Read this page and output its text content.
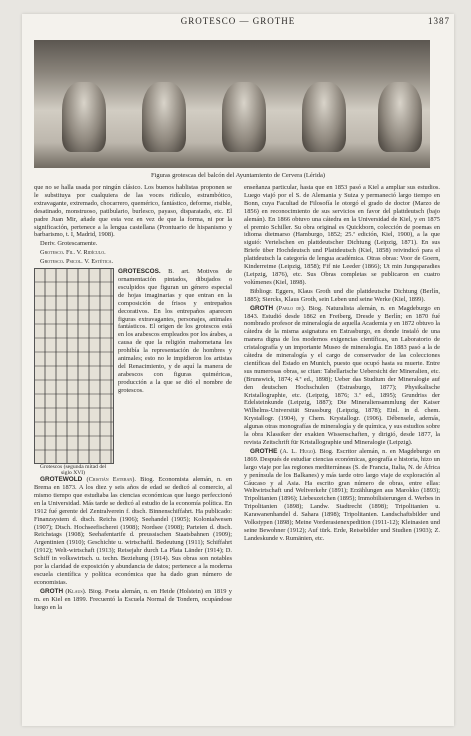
GROTESCO — GROTHE	1387
Figuras grotescas del balcón del Ayuntamiento de Cervera (Lérida)

que no se halla usada por ningún clásico. Los buenos hablistas proponen se le substituya por cualquiera de las voces ridículo, estrambótico, extravagante, extremado, chocarrero, quemérico, fantástico, deforme, risible, desatinado, monstruoso, patibulario, burlesco, payaso, disparatado, etc. El padre Juan Mir, añade que esta voz en vez de que la forma, ni por la significación, pertenece a la lengua castellana (Prontuario de hispanismo y barbarismo, t. I, Madrid, 1908).

Deriv. Grotescamente.

Grotesco. Fil. V. Ridículo.

Grotesco. Psicol. V. Estética.

Grotescos (segunda mitad del siglo XVI)
GROTESCOS. B. art. Motivos de ornamentación pintados, dibujados o esculpidos que figuran un género especial de hojas imaginarias y que entran en la composición de frisos y entrepaños decorativos. En los entrepaños aparecen figuras extravagantes, personajes, animales fantásticos. El origen de los grotescos está en los arabescos empleados por los árabes, a causa de que la religión mahometana les prohibía la representación de hombres y animales; esto no le impidieron los artistas del Renacimiento, y de aquí la manera de arabescos con figuras quiméricas, producción a la que se dió el nombre de grotescos.

GROTEWOLD (Cristián Esteban). Biog. Economista alemán, n. en Brema en 1873. A los diez y seis años de edad se dedicó al comercio, al mismo tiempo que estudiaba las ciencias económicas que luego perfeccionó en la Universidad. Más tarde se dedicó al estudio de la economía política. En 1912 fué gerente del Zentralverein f. dtsch. Binnenschiffahrt. Ha publicado: Finanzsystem d. dtsch. Reichs (1906); Seehandel (1905); Kolonialwesen (1907); Dtsch. Hochseefischerei (1908); Nordsee (1908); Parteien d. dtsch. Reichstags (1908); Seehafentarife d. preussischen Staatsbahnen (1909); Argentinien (1910); Geschichte u. wirtschaftl. Bedeutung (1911); Schiffahrt (1912); Welt-wirtschaft (1913); Reisejahr durch La Plata Länder (1914); D. Schiff in volkswirtsch. u. techn. Beziehung (1914). Sus obras son notables por la claridad de exposición y abundancia de datos; pertenece a la moderna escuela científica y política económica que ha dado gran número de economistas.

GROTH (Klaus). Biog. Poeta alemán, n. en Heide (Holstein) en 1819 y m. en Kiel en 1899. Frecuentó la Escuela Normal de Tondern, ocupándose luego en la

enseñanza particular, hasta que en 1853 pasó a Kiel a ampliar sus estudios. Luego viajó por el S. de Alemania y Suiza y permaneció largo tiempo en Bonn, cuya Facultad de Filosofía le otorgó el grado de doctor (Marzo de 1856) en reconocimiento de sus servicios en favor del plattdeutsch (bajo alemán). En 1866 obtuvo una cátedra en la Universidad de Kiel, y en 1875 el premio Schiller. Su obra original es Quickborn, colección de poemas en idioma dietmarso (Hamburgo, 1852; 25.ª edición, Kiel, 1900), a la que siguió: Vertelschen en plattdeutscher Dichtung (Leipzig, 1871). En sus Briefe über Hochdeutsch und Plattdeutsch (Kiel, 1858) reivindicó para el plattdeutsch la categoría de lengua académica. Otras obras: Voor de Goern, Kinderreime (Leipzig, 1858); Fif nie Leeder (1866); Ut min Jungsparadies (Leipzig, 1876), etc. Sus Obras completas se publicaron en cuatro volúmenes (Kiel, 1898).

Bibliogr. Eggers, Klaus Groth und die plattdeutsche Dichtung (Berlín, 1885); Siercks, Klaus Groth, sein Leben und seine Werke (Kiel, 1899).

GROTH (Pablo de). Biog. Naturalista alemán, n. en Magdeburgo en 1843. Estudió desde 1862 en Freiberg, Dresde y Berlín; en 1870 fué nombrado profesor de mineralogía de aquella Academia y en 1872 obtuvo la cátedra de la misma asignatura en Estrasburgo, en donde instaló de una manera digna de los modernos exigencias científicas, un Laboratorio de cristalografía y un importante Museo de mineralogía. En 1883 pasó a la de cátedra de mineralogía y el cargo de conservador de las colecciones científicas del Estado en Munich, puesto que ocupó hasta su muerte. Entre sus numerosas obras, se citan: Tabellarische Uebersicht der Mineralien, etc. (Brunswick, 1874; 4.ª ed., 1898); Ueber das Studium der Mineralogie auf den deutschen Hochschulen (Estrasburgo, 1877); Physikalische Kristallographie, etc. (Leipzig, 1876; 3.ª ed., 1895); Grundriss der Edelsteinkunde (Leipzig, 1887); Die Mineraliensammlung der Kaiser Wilhelms-Universität Strassburg (Leipzig, 1878); Einl. in d. chem. Krystallogr. (1904), y Chem. Krystallogr. (1906). Débensele, además, algunas otras monografías de mineralogía y de química, y sus estudios sobre la obra Klassiker der exakten Wissenschaften, y dirigió, desde 1877, la revista Zeitschrift für Kristallographie und Mineralogie (Leipzig).

GROTHE (A. L. Hugo). Biog. Escritor alemán, n. en Magdeburgo en 1869. Después de estudiar ciencias económicas, geografía e historia, hizo un largo viaje por las regiones mediterráneas (S. de Francia, Italia, N. de África y península de los Balkanes) y más tarde otro largo viaje de exploración al Cáucaso y al Asia. Ha escrito gran número de obras, entre ellas: Weltwirtschaft und Weltverkehr (1891); Erzählungen aus Marokko (1893); Tripolitanien (1896); Liebeszeichen (1895); Immobilisierungen d. Werbes in Tripolitanien (1898); Landw. Stadtrecht (1898); Tripolitanien u. Karawanenhandel d. Sahara (1898); Tripolitanien. Landschaftsbilder und Volkstypen (1898); Meine Vorderasienexpedition (1911-12); Kleinasien und seine Bewohner (1912); Auf türk. Erde, Reisebilder und Studien (1903); Z. Landeskunde v. Rumänien, etc.
